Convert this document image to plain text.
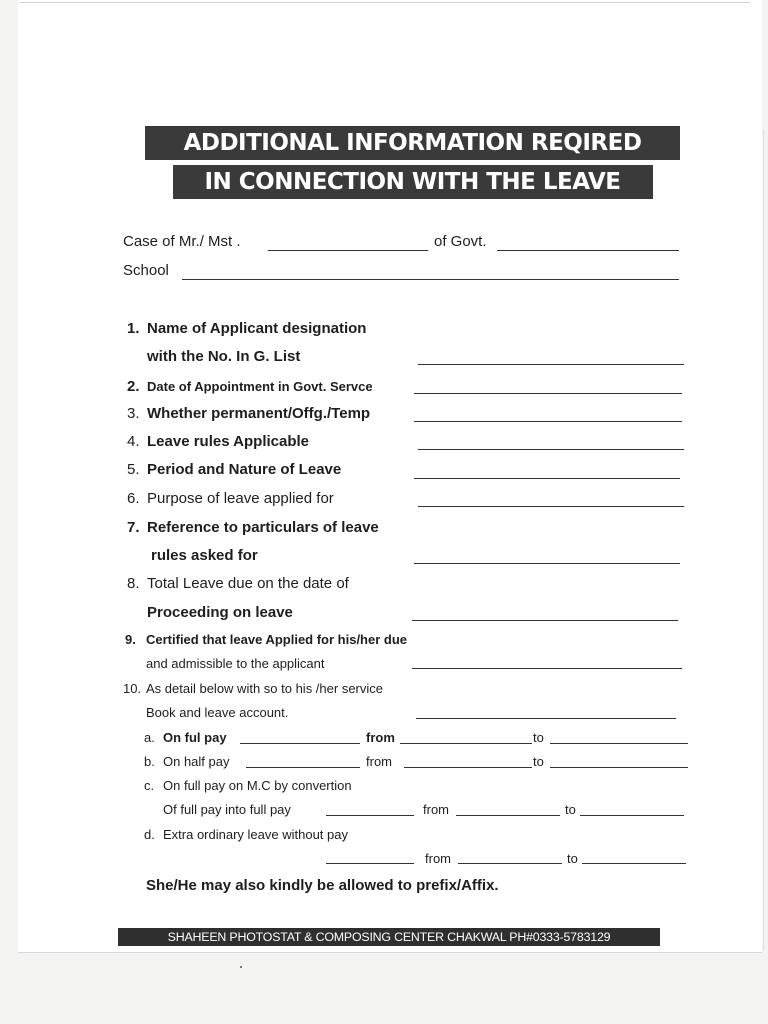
ADDITIONAL INFORMATION REQIRED
IN CONNECTION WITH THE LEAVE
Case of Mr./ Mst .	of Govt.
School
1. Name of Applicant designation
with the No. In G. List
2. Date of Appointment in Govt. Servce
3. Whether permanent/Offg./Temp
4. Leave rules Applicable
5. Period and Nature of Leave
6. Purpose of leave applied for
7. Reference to particulars of leave
rules asked for
8. Total Leave due on the date of
Proceeding on leave
9. Certified that leave Applied for his/her due
and admissible to the applicant
10. As detail below with so to his /her service
Book and leave account.
a. On ful pay	from	to
b. On half pay	from	to
c. On full pay on M.C by convertion
Of full pay into full pay	from	to
d. Extra ordinary leave without pay
from	to
She/He may also kindly be allowed to prefix/Affix.
SHAHEEN PHOTOSTAT & COMPOSING CENTER CHAKWAL PH#0333-5783129
